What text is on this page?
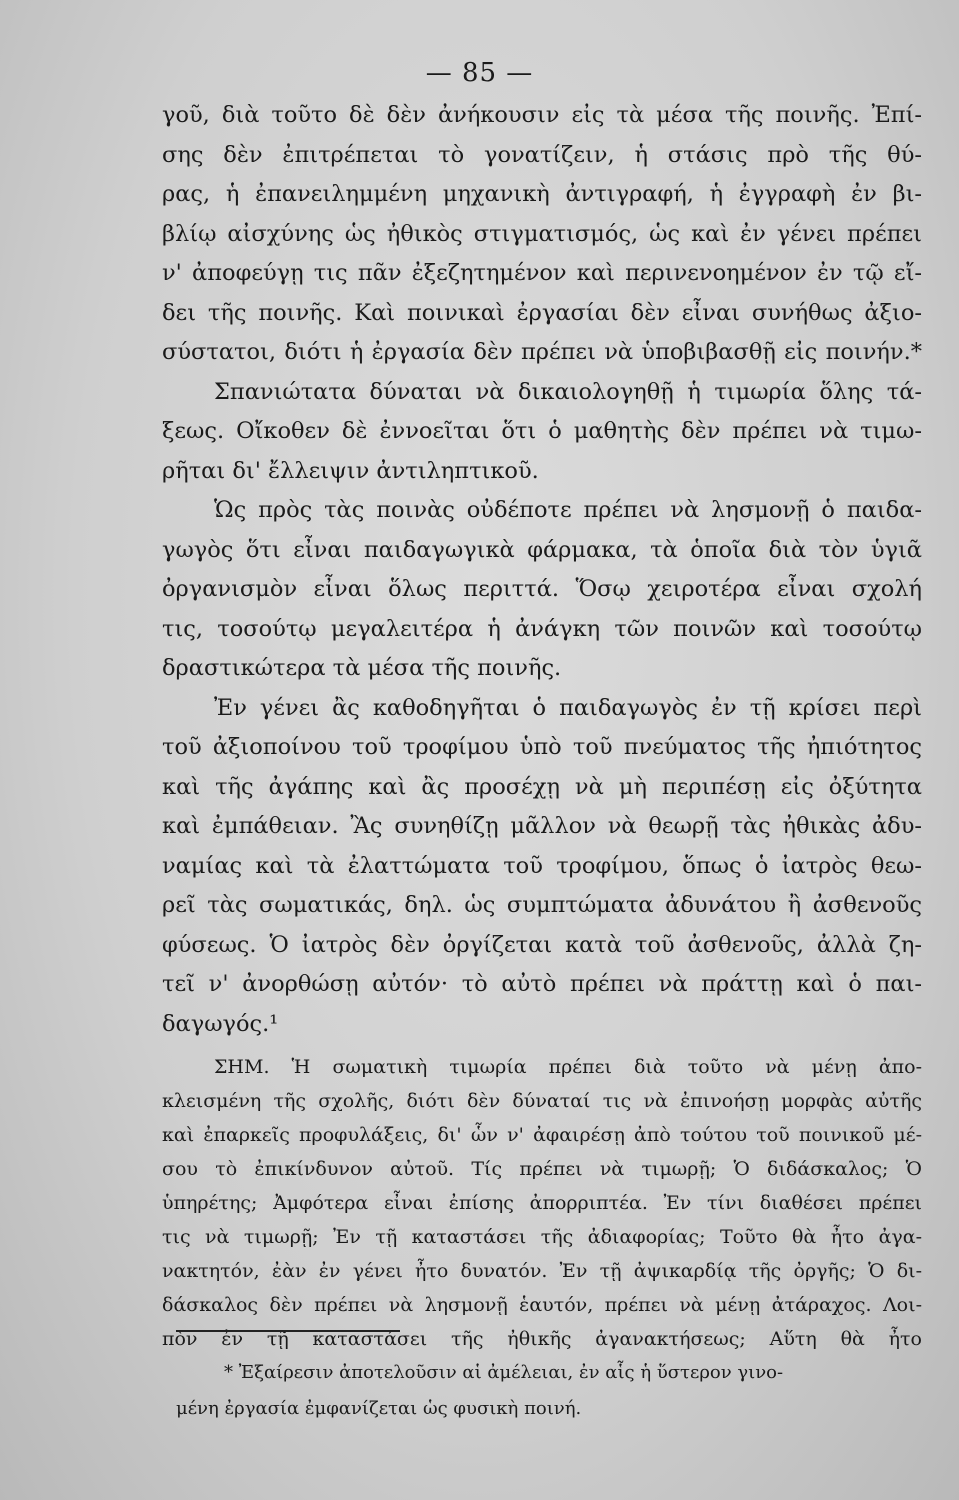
— 85 —
γοῦ, διὰ τοῦτο δὲ δὲν ἀνήκουσιν εἰς τὰ μέσα τῆς ποινῆς. Ἐπί-
σης δὲν ἐπιτρέπεται τὸ γονατίζειν, ἡ στάσις πρὸ τῆς θύ-
ρας, ἡ ἐπανειλημμένη μηχανικὴ ἀντιγραφή, ἡ ἐγγραφὴ ἐν βι-
βλίῳ αἰσχύνης ὡς ἠθικὸς στιγματισμός, ὡς καὶ ἐν γένει πρέπει
ν' ἀποφεύγῃ τις πᾶν ἐξεζητημένον καὶ περινενοημένον ἐν τῷ εἴ-
δει τῆς ποινῆς. Καὶ ποινικαὶ ἐργασίαι δὲν εἶναι συνήθως ἀξιο-
σύστατοι, διότι ἡ ἐργασία δὲν πρέπει νὰ ὑποβιβασθῇ εἰς ποινήν.*
Σπανιώτατα δύναται νὰ δικαιολογηθῇ ἡ τιμωρία ὅλης τά-
ξεως. Οἴκοθεν δὲ ἐννοεῖται ὅτι ὁ μαθητὴς δὲν πρέπει νὰ τιμω-
ρῆται δι' ἔλλειψιν ἀντιληπτικοῦ.
Ὡς πρὸς τὰς ποινὰς οὐδέποτε πρέπει νὰ λησμονῇ ὁ παιδα-
γωγὸς ὅτι εἶναι παιδαγωγικὰ φάρμακα, τὰ ὁποῖα διὰ τὸν ὑγιᾶ
ὀργανισμὸν εἶναι ὅλως περιττά. Ὅσῳ χειροτέρα εἶναι σχολή
τις, τοσούτῳ μεγαλειτέρα ἡ ἀνάγκη τῶν ποινῶν καὶ τοσούτῳ
δραστικώτερα τὰ μέσα τῆς ποινῆς.
Ἐν γένει ἂς καθοδηγῆται ὁ παιδαγωγὸς ἐν τῇ κρίσει περὶ
τοῦ ἀξιοποίνου τοῦ τροφίμου ὑπὸ τοῦ πνεύματος τῆς ἠπιότητος
καὶ τῆς ἀγάπης καὶ ἂς προσέχῃ νὰ μὴ περιπέσῃ εἰς ὀξύτητα
καὶ ἐμπάθειαν. Ἂς συνηθίζῃ μᾶλλον νὰ θεωρῇ τὰς ἠθικὰς ἀδυ-
ναμίας καὶ τὰ ἐλαττώματα τοῦ τροφίμου, ὅπως ὁ ἰατρὸς θεω-
ρεῖ τὰς σωματικάς, δηλ. ὡς συμπτώματα ἀδυνάτου ἢ ἀσθενοῦς
φύσεως. Ὁ ἰατρὸς δὲν ὀργίζεται κατὰ τοῦ ἀσθενοῦς, ἀλλὰ ζη-
τεῖ ν' ἀνορθώσῃ αὐτόν· τὸ αὐτὸ πρέπει νὰ πράττῃ καὶ ὁ παι-
δαγωγός.¹
ΣΗΜ. Ἡ σωματικὴ τιμωρία πρέπει διὰ τοῦτο νὰ μένῃ ἀπο-
κλεισμένη τῆς σχολῆς, διότι δὲν δύναταί τις νὰ ἐπινοήσῃ μορφὰς αὐτῆς
καὶ ἐπαρκεῖς προφυλάξεις, δι' ὧν ν' ἀφαιρέσῃ ἀπὸ τούτου τοῦ ποινικοῦ μέ-
σου τὸ ἐπικίνδυνον αὐτοῦ. Τίς πρέπει νὰ τιμωρῇ; Ὁ διδάσκαλος; Ὁ
ὑπηρέτης; Ἀμφότερα εἶναι ἐπίσης ἀπορριπτέα. Ἐν τίνι διαθέσει πρέπει
τις νὰ τιμωρῇ; Ἐν τῇ καταστάσει τῆς ἀδιαφορίας; Τοῦτο θὰ ἦτο ἀγα-
νακτητόν, ἐὰν ἐν γένει ἦτο δυνατόν. Ἐν τῇ ἀψικαρδίᾳ τῆς ὀργῆς; Ὁ δι-
δάσκαλος δὲν πρέπει νὰ λησμονῇ ἑαυτόν, πρέπει νὰ μένῃ ἀτάραχος. Λοι-
πὸν ἐν τῇ καταστάσει τῆς ἠθικῆς ἀγανακτήσεως; Αὕτη θὰ ἦτο
* Ἐξαίρεσιν ἀποτελοῦσιν αἱ ἀμέλειαι, ἐν αἷς ἡ ὕστερον γινο-
μένη ἐργασία ἐμφανίζεται ὡς φυσικὴ ποινή.
